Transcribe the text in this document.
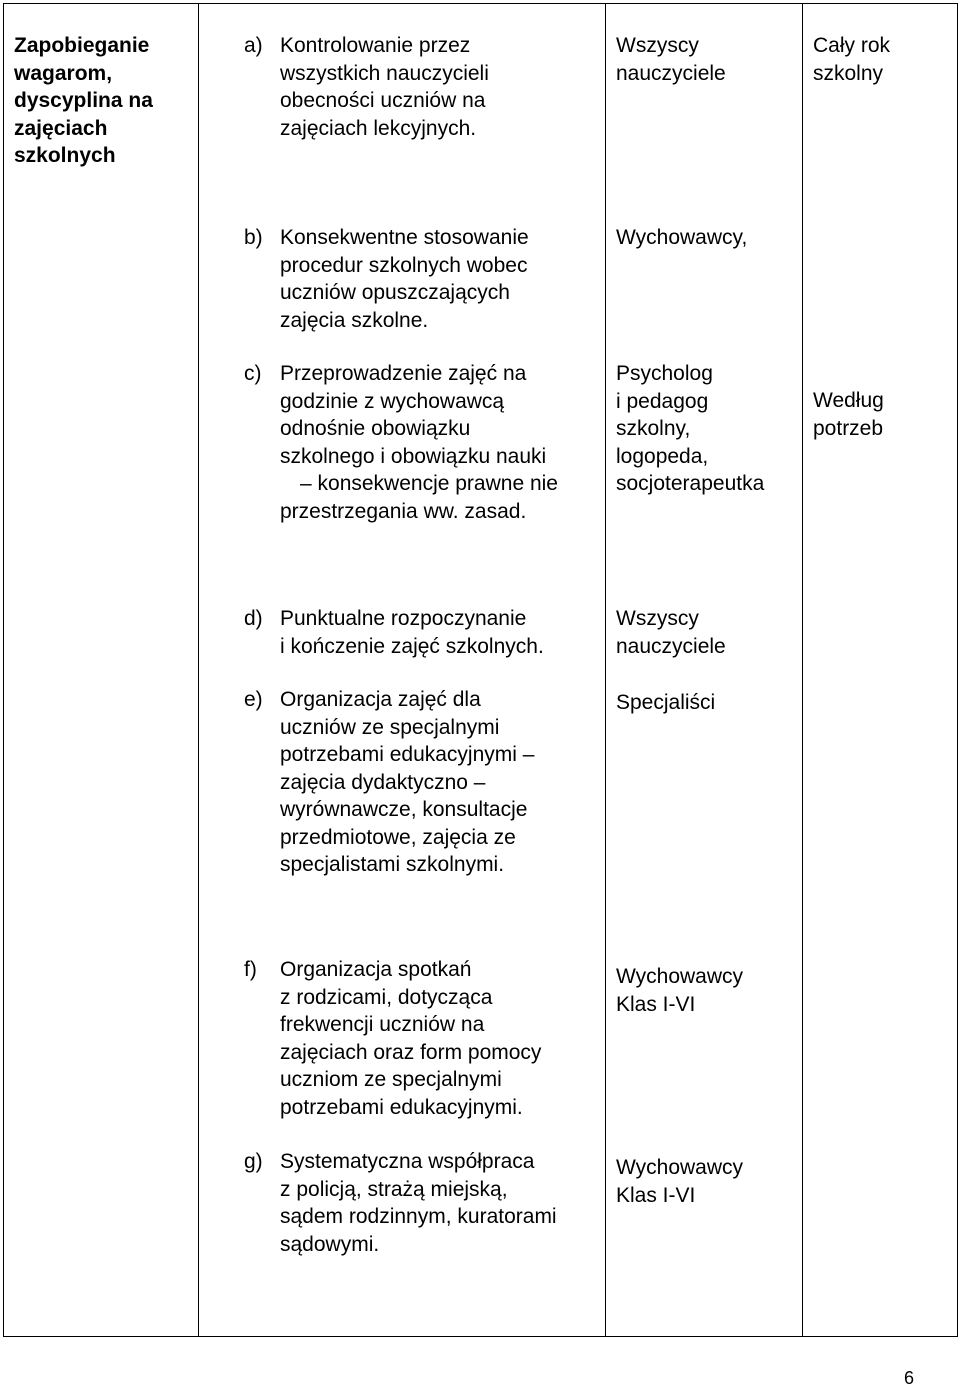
Zapobieganie
wagarom,
dyscyplina na
zajęciach
szkolnych
a) Kontrolowanie przez
wszystkich nauczycieli
obecności uczniów na
zajęciach lekcyjnych.
b) Konsekwentne stosowanie
procedur szkolnych wobec
uczniów opuszczających
zajęcia szkolne.
c) Przeprowadzenie zajęć na
godzinie z wychowawcą
odnośnie obowiązku
szkolnego i obowiązku nauki
– konsekwencje prawne nie
przestrzegania ww. zasad.
d) Punktualne rozpoczynanie
i kończenie zajęć szkolnych.
e) Organizacja zajęć dla
uczniów ze specjalnymi
potrzebami edukacyjnymi –
zajęcia dydaktyczno –
wyrównawcze, konsultacje
przedmiotowe, zajęcia ze
specjalistami szkolnymi.
f)	Organizacja spotkań
z rodzicami, dotycząca
frekwencji uczniów na
zajęciach oraz form pomocy
uczniom ze specjalnymi
potrzebami edukacyjnymi.
g) Systematyczna współpraca
z policją, strażą miejską,
sądem rodzinnym, kuratorami
sądowymi.
Wszyscy
nauczyciele
Wychowawcy,
Psycholog
i pedagog
szkolny,
logopeda,
socjoterapeutka
Wszyscy
nauczyciele
Specjaliści
Wychowawcy
Klas I-VI
Wychowawcy
Klas I-VI
Cały rok
szkolny
Według
potrzeb
6
